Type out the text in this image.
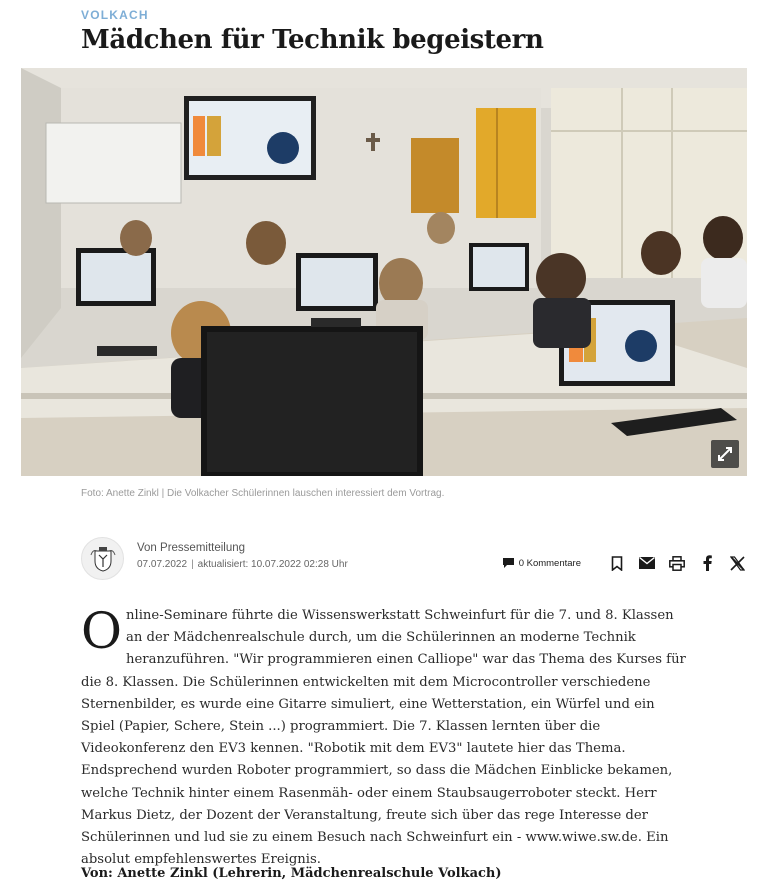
VOLKACH
Mädchen für Technik begeistern
Foto: Anette Zinkl | Die Volkacher Schülerinnen lauschen interessiert dem Vortrag.
Von Pressemitteilung
07.07.2022 | aktualisiert: 10.07.2022 02:28 Uhr	0 Kommentare
Online-Seminare führte die Wissenswerkstatt Schweinfurt für die 7. und 8. Klassen an der Mädchenrealschule durch, um die Schülerinnen an moderne Technik heranzuführen. "Wir programmieren einen Calliope" war das Thema des Kurses für die 8. Klassen. Die Schülerinnen entwickelten mit dem Microcontroller verschiedene Sternenbilder, es wurde eine Gitarre simuliert, eine Wetterstation, ein Würfel und ein Spiel (Papier, Schere, Stein ...) programmiert. Die 7. Klassen lernten über die Videokonferenz den EV3 kennen. "Robotik mit dem EV3" lautete hier das Thema. Endsprechend wurden Roboter programmiert, so dass die Mädchen Einblicke bekamen, welche Technik hinter einem Rasenmäh- oder einem Staubsaugerroboter steckt. Herr Markus Dietz, der Dozent der Veranstaltung, freute sich über das rege Interesse der Schülerinnen und lud sie zu einem Besuch nach Schweinfurt ein - www.wiwe.sw.de. Ein absolut empfehlenswertes Ereignis.
Von: Anette Zinkl (Lehrerin, Mädchenrealschule Volkach)
